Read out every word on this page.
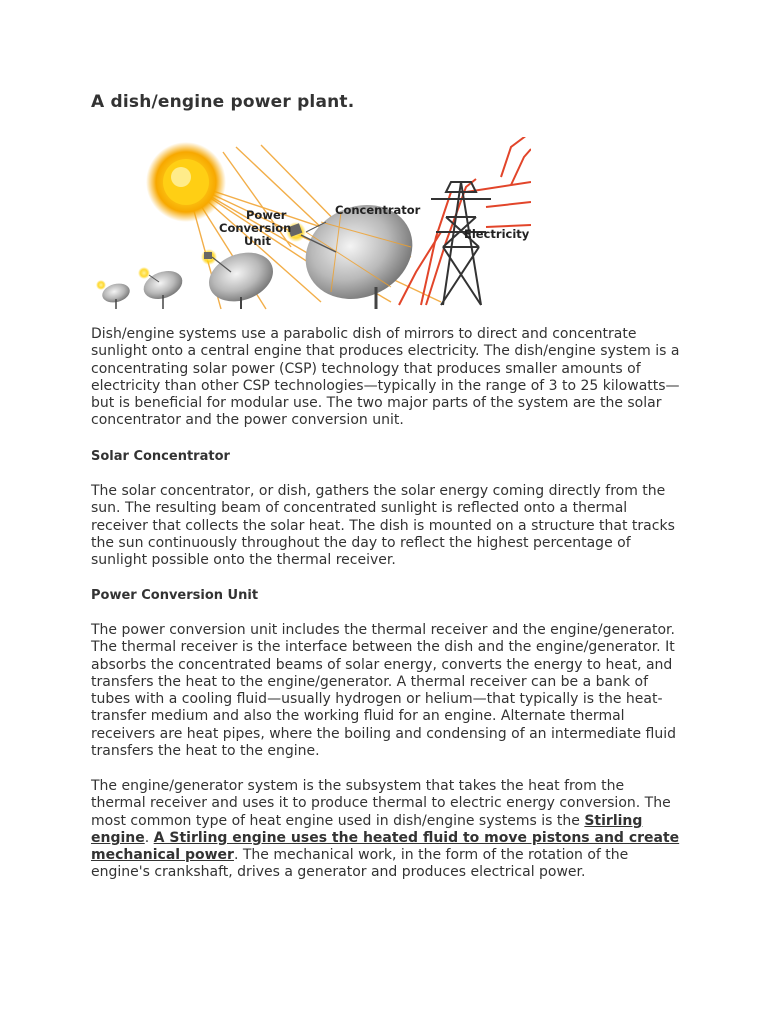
A dish/engine power plant.
Power
Conversion
Unit
Concentrator
Electricity

Dish/engine systems use a parabolic dish of mirrors to direct and concentrate sunlight onto a central engine that produces electricity. The dish/engine system is a concentrating solar power (CSP) technology that produces smaller amounts of electricity than other CSP technologies—typically in the range of 3 to 25 kilowatts—but is beneficial for modular use. The two major parts of the system are the solar concentrator and the power conversion unit.

Solar Concentrator

The solar concentrator, or dish, gathers the solar energy coming directly from the sun. The resulting beam of concentrated sunlight is reflected onto a thermal receiver that collects the solar heat. The dish is mounted on a structure that tracks the sun continuously throughout the day to reflect the highest percentage of sunlight possible onto the thermal receiver.

Power Conversion Unit

The power conversion unit includes the thermal receiver and the engine/generator. The thermal receiver is the interface between the dish and the engine/generator. It absorbs the concentrated beams of solar energy, converts the energy to heat, and transfers the heat to the engine/generator. A thermal receiver can be a bank of tubes with a cooling fluid—usually hydrogen or helium—that typically is the heat-transfer medium and also the working fluid for an engine. Alternate thermal receivers are heat pipes, where the boiling and condensing of an intermediate fluid transfers the heat to the engine.

The engine/generator system is the subsystem that takes the heat from the thermal receiver and uses it to produce thermal to electric energy conversion. The most common type of heat engine used in dish/engine systems is the Stirling engine. A Stirling engine uses the heated fluid to move pistons and create mechanical power. The mechanical work, in the form of the rotation of the engine's crankshaft, drives a generator and produces electrical power.
